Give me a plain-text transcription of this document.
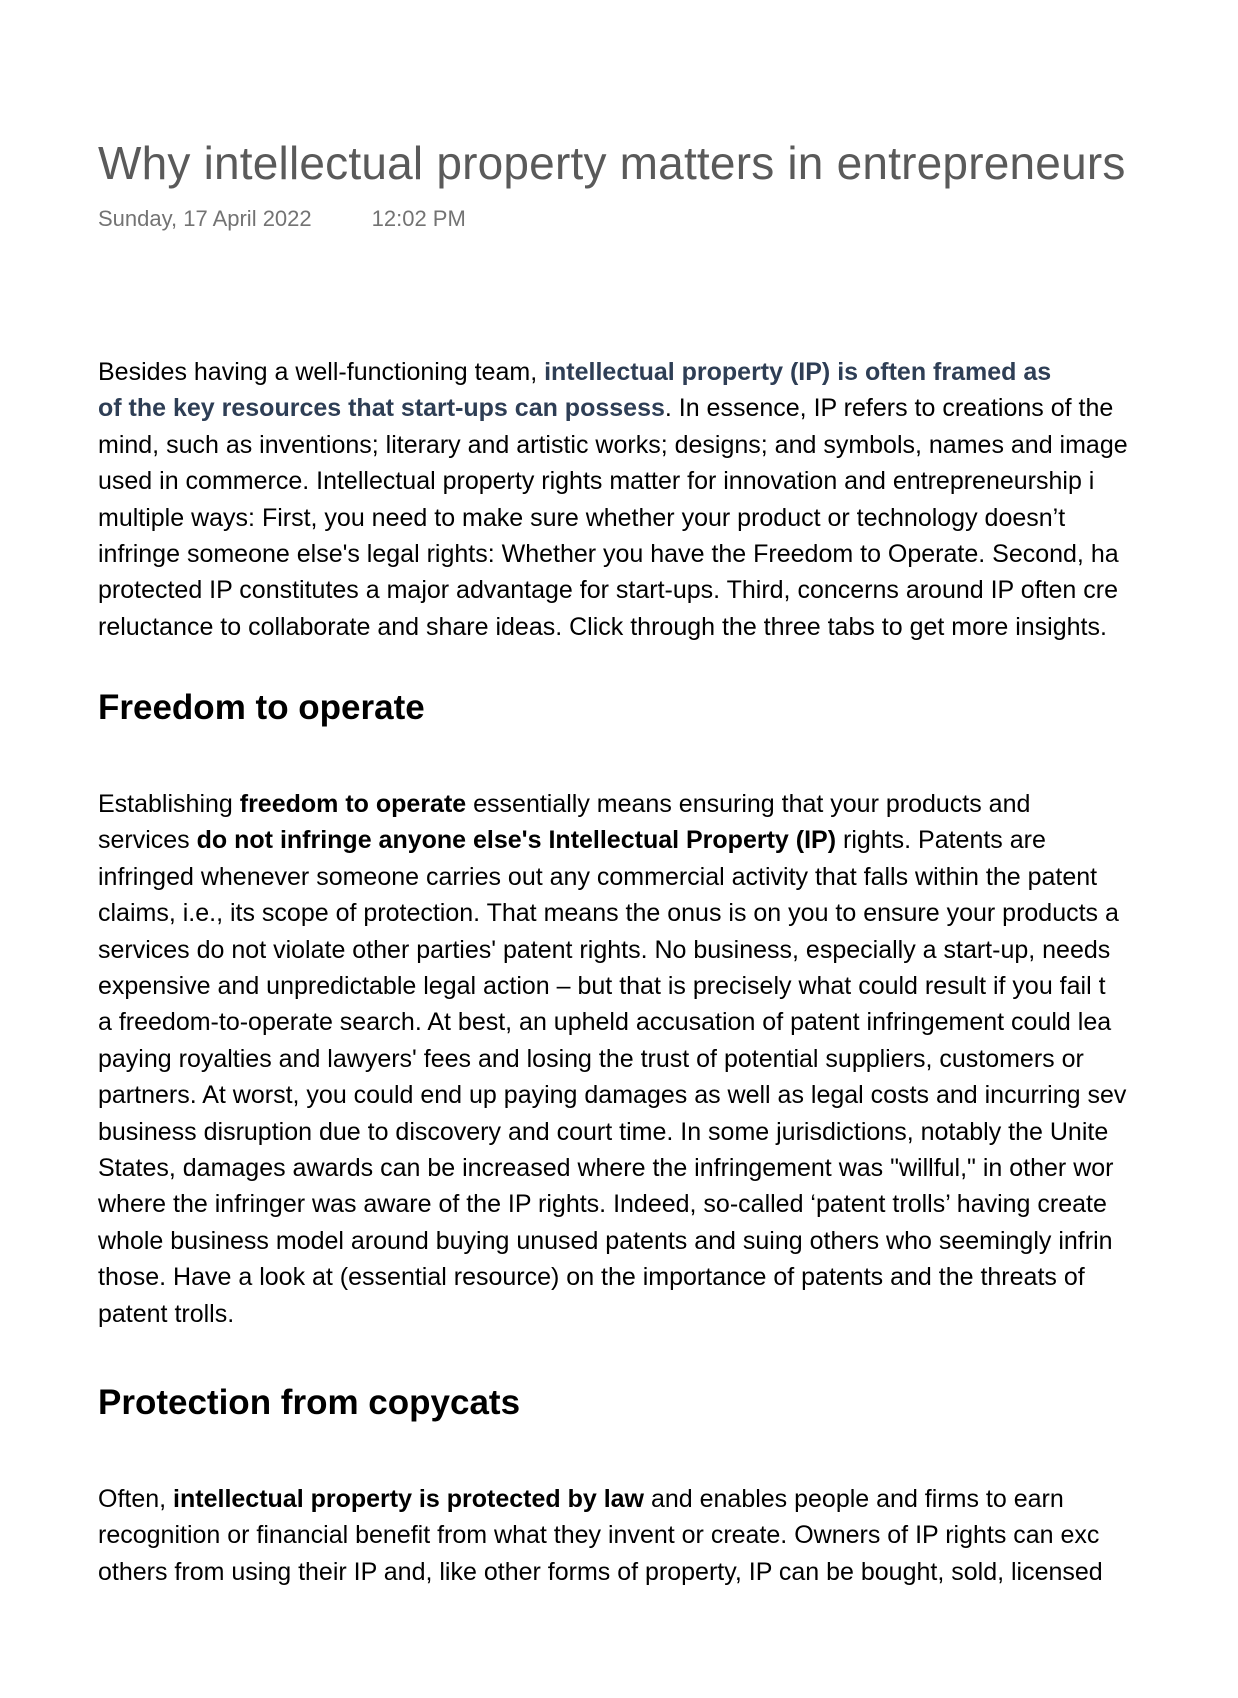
Why intellectual property matters in entrepreneurs
Sunday, 17 April 2022	12:02 PM

Besides having a well-functioning team, intellectual property (IP) is often framed as
of the key resources that start-ups can possess. In essence, IP refers to creations of the
mind, such as inventions; literary and artistic works; designs; and symbols, names and image
used in commerce. Intellectual property rights matter for innovation and entrepreneurship i
multiple ways: First, you need to make sure whether your product or technology doesn’t
infringe someone else's legal rights: Whether you have the Freedom to Operate. Second, ha
protected IP constitutes a major advantage for start-ups. Third, concerns around IP often cre
reluctance to collaborate and share ideas. Click through the three tabs to get more insights.

Freedom to operate

Establishing freedom to operate essentially means ensuring that your products and
services do not infringe anyone else's Intellectual Property (IP) rights. Patents are
infringed whenever someone carries out any commercial activity that falls within the patent
claims, i.e., its scope of protection. That means the onus is on you to ensure your products a
services do not violate other parties' patent rights. No business, especially a start-up, needs
expensive and unpredictable legal action – but that is precisely what could result if you fail t
a freedom-to-operate search. At best, an upheld accusation of patent infringement could lea
paying royalties and lawyers' fees and losing the trust of potential suppliers, customers or
partners. At worst, you could end up paying damages as well as legal costs and incurring sev
business disruption due to discovery and court time. In some jurisdictions, notably the Unite
States, damages awards can be increased where the infringement was "willful," in other wor
where the infringer was aware of the IP rights. Indeed, so-called ‘patent trolls’ having create
whole business model around buying unused patents and suing others who seemingly infrin
those. Have a look at (essential resource) on the importance of patents and the threats of
patent trolls.

Protection from copycats

Often, intellectual property is protected by law and enables people and firms to earn
recognition or financial benefit from what they invent or create. Owners of IP rights can exc
others from using their IP and, like other forms of property, IP can be bought, sold, licensed
